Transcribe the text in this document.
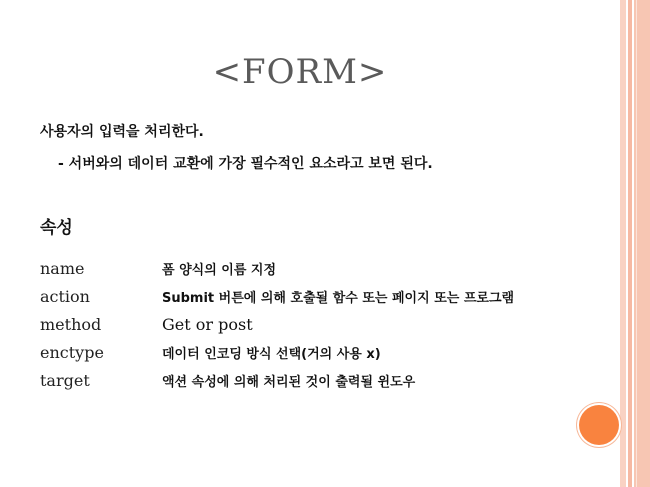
<FORM>
사용자의 입력을 처리한다.
- 서버와의 데이터 교환에 가장 필수적인 요소라고 보면 된다.
속성
name	폼 양식의 이름 지정
action	Submit 버튼에 의해 호출될 함수 또는 페이지 또는 프로그램
method	Get or post
enctype	데이터 인코딩 방식 선택(거의 사용 x)
target	액션 속성에 의해 처리된 것이 출력될 윈도우
